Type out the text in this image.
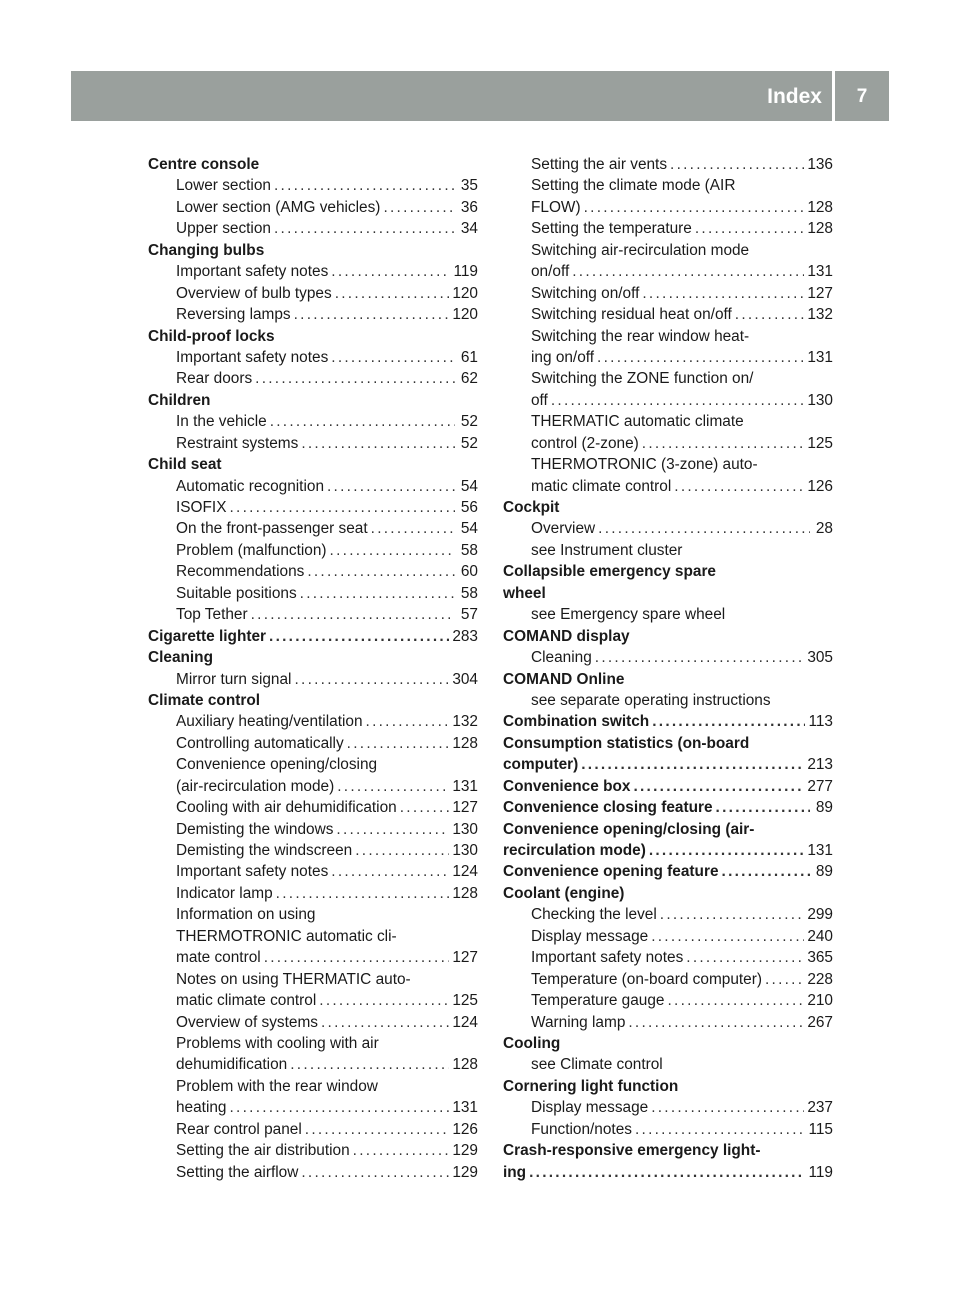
Index	7
Centre console
Lower section . . .	35
Lower section (AMG vehicles) . . .	36
Upper section . . .	34
Changing bulbs
Important safety notes . . .	119
Overview of bulb types . . .	120
Reversing lamps . . .	120
Child-proof locks
Important safety notes . . .	61
Rear doors . . .	62
Children
In the vehicle . . .	52
Restraint systems . . .	52
Child seat
Automatic recognition . . .	54
ISOFIX . . .	56
On the front-passenger seat . . .	54
Problem (malfunction) . . .	58
Recommendations . . .	60
Suitable positions . . .	58
Top Tether . . .	57
Cigarette lighter . . .	283
Cleaning
Mirror turn signal . . .	304
Climate control
Auxiliary heating/ventilation . . .	132
Controlling automatically . . .	128
Convenience opening/closing
(air-recirculation mode) . . .	131
Cooling with air dehumidification . . .	127
Demisting the windows . . .	130
Demisting the windscreen . . .	130
Important safety notes . . .	124
Indicator lamp . . .	128
Information on using
THERMOTRONIC automatic cli-
mate control . . .	127
Notes on using THERMATIC auto-
matic climate control . . .	125
Overview of systems . . .	124
Problems with cooling with air
dehumidification . . .	128
Problem with the rear window
heating . . .	131
Rear control panel . . .	126
Setting the air distribution . . .	129
Setting the airflow . . .	129
Setting the air vents . . .	136
Setting the climate mode (AIR
FLOW) . . .	128
Setting the temperature . . .	128
Switching air-recirculation mode
on/off . . .	131
Switching on/off . . .	127
Switching residual heat on/off . . .	132
Switching the rear window heat-
ing on/off . . .	131
Switching the ZONE function on/
off . . .	130
THERMATIC automatic climate
control (2-zone) . . .	125
THERMOTRONIC (3-zone) auto-
matic climate control . . .	126
Cockpit
Overview . . .	28
see Instrument cluster
Collapsible emergency spare
wheel
see Emergency spare wheel
COMAND display
Cleaning . . .	305
COMAND Online
see separate operating instructions
Combination switch . . .	113
Consumption statistics (on-board
computer) . . .	213
Convenience box . . .	277
Convenience closing feature . . .	89
Convenience opening/closing (air-
recirculation mode) . . .	131
Convenience opening feature . . .	89
Coolant (engine)
Checking the level . . .	299
Display message . . .	240
Important safety notes . . .	365
Temperature (on-board computer) . . .	228
Temperature gauge . . .	210
Warning lamp . . .	267
Cooling
see Climate control
Cornering light function
Display message . . .	237
Function/notes . . .	115
Crash-responsive emergency light-
ing . . .	119
